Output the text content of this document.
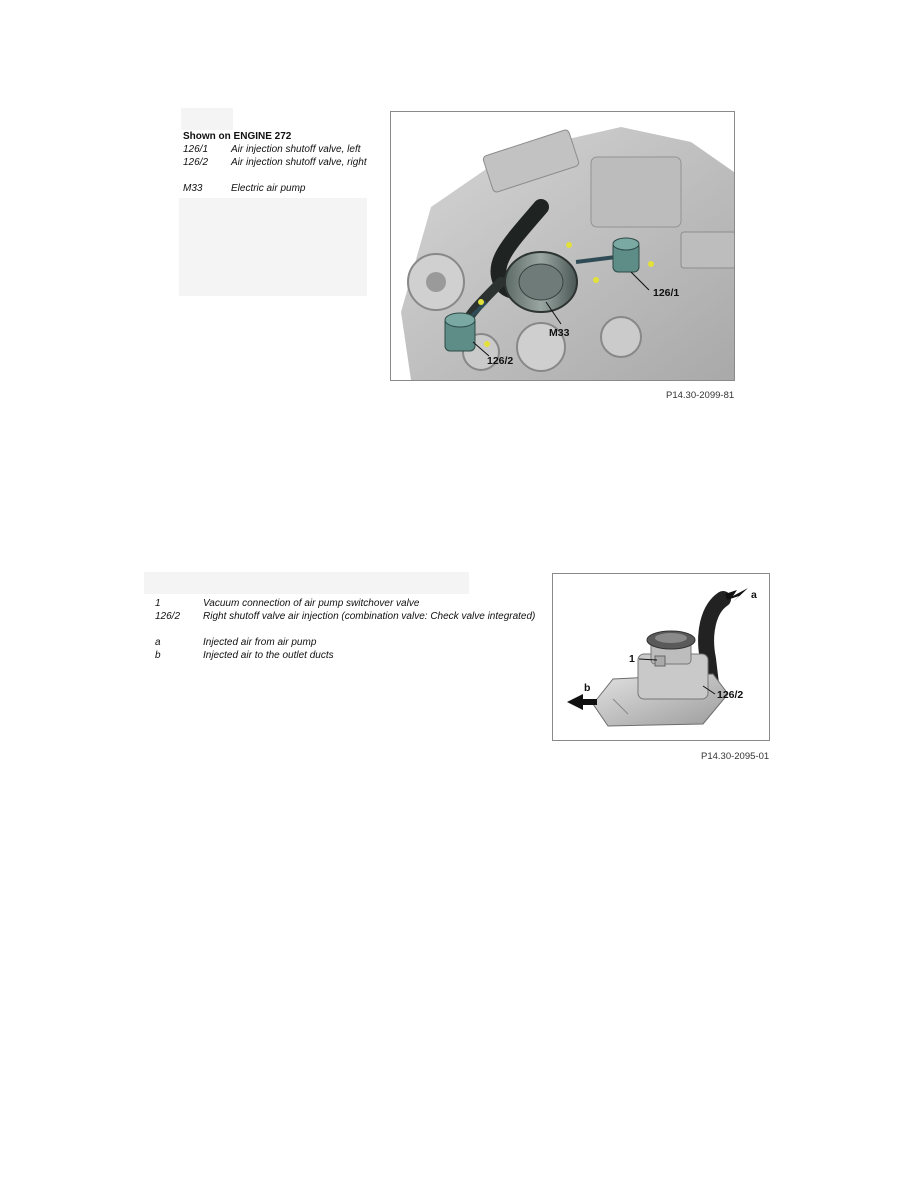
Shown on ENGINE 272
126/1	Air injection shutoff valve, left
126/2	Air injection shutoff valve, right
M33	Electric air pump
126/1
M33
126/2
P14.30-2099-81
1	Vacuum connection of air pump switchover valve
126/2	Right shutoff valve air injection (combination valve: Check valve integrated)
a	Injected air from air pump
b	Injected air to the outlet ducts
a
b
1
126/2
P14.30-2095-01
